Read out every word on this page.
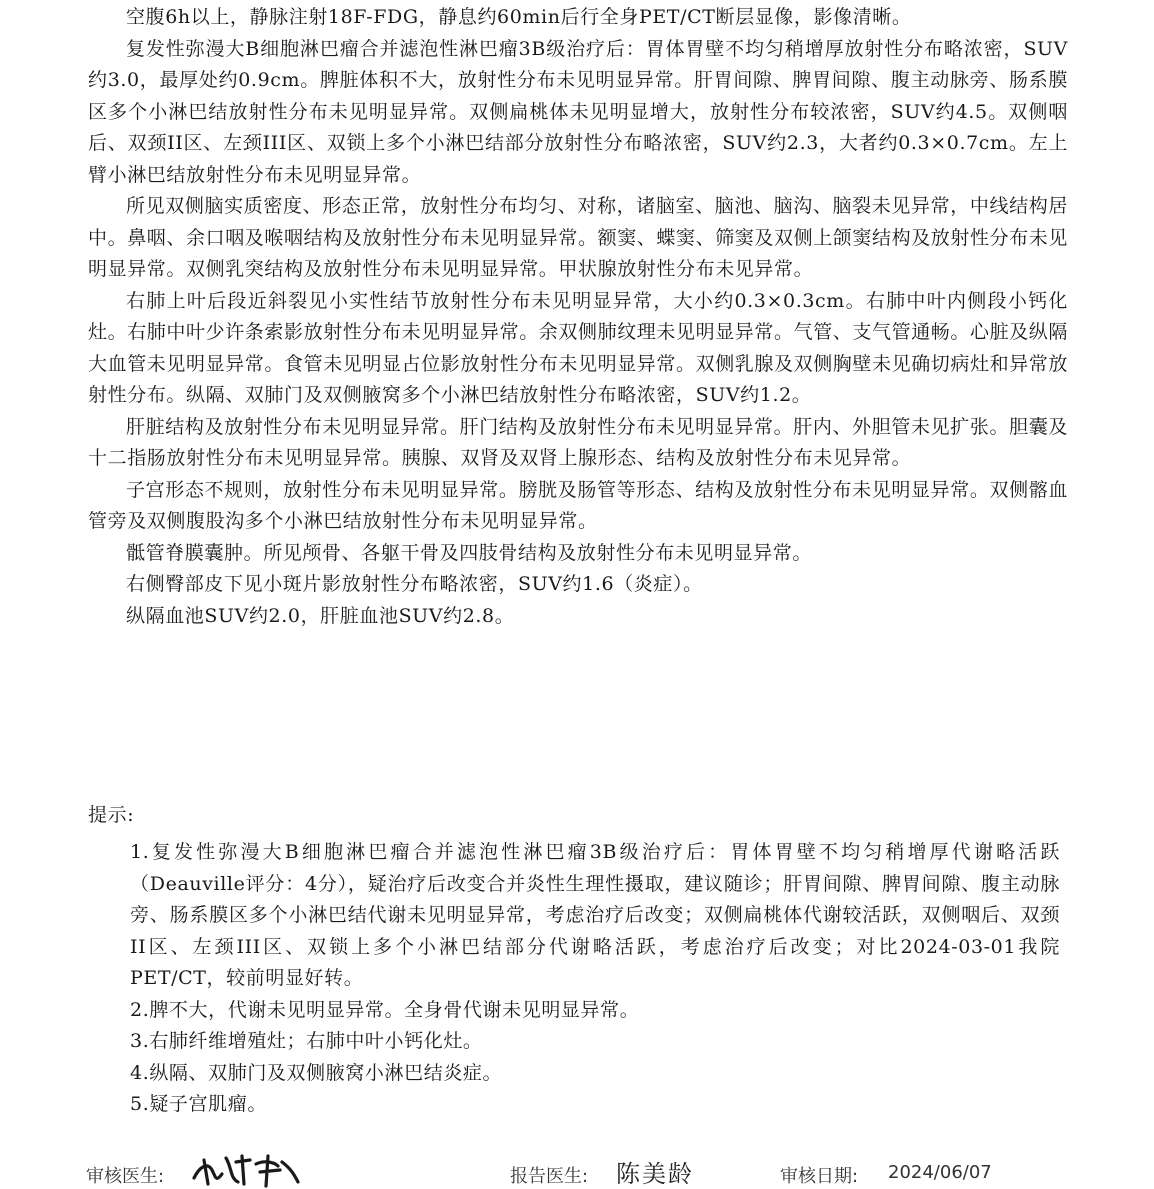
空腹6h以上，静脉注射18F-FDG，静息约60min后行全身PET/CT断层显像，影像清晰。

复发性弥漫大B细胞淋巴瘤合并滤泡性淋巴瘤3B级治疗后：胃体胃壁不均匀稍增厚放射性分布略浓密，SUV约3.0，最厚处约0.9cm。脾脏体积不大，放射性分布未见明显异常。肝胃间隙、脾胃间隙、腹主动脉旁、肠系膜区多个小淋巴结放射性分布未见明显异常。双侧扁桃体未见明显增大，放射性分布较浓密，SUV约4.5。双侧咽后、双颈II区、左颈III区、双锁上多个小淋巴结部分放射性分布略浓密，SUV约2.3，大者约0.3×0.7cm。左上臂小淋巴结放射性分布未见明显异常。

所见双侧脑实质密度、形态正常，放射性分布均匀、对称，诸脑室、脑池、脑沟、脑裂未见异常，中线结构居中。鼻咽、余口咽及喉咽结构及放射性分布未见明显异常。额窦、蝶窦、筛窦及双侧上颌窦结构及放射性分布未见明显异常。双侧乳突结构及放射性分布未见明显异常。甲状腺放射性分布未见异常。

右肺上叶后段近斜裂见小实性结节放射性分布未见明显异常，大小约0.3×0.3cm。右肺中叶内侧段小钙化灶。右肺中叶少许条索影放射性分布未见明显异常。余双侧肺纹理未见明显异常。气管、支气管通畅。心脏及纵隔大血管未见明显异常。食管未见明显占位影放射性分布未见明显异常。双侧乳腺及双侧胸壁未见确切病灶和异常放射性分布。纵隔、双肺门及双侧腋窝多个小淋巴结放射性分布略浓密，SUV约1.2。

肝脏结构及放射性分布未见明显异常。肝门结构及放射性分布未见明显异常。肝内、外胆管未见扩张。胆囊及十二指肠放射性分布未见明显异常。胰腺、双肾及双肾上腺形态、结构及放射性分布未见异常。

子宫形态不规则，放射性分布未见明显异常。膀胱及肠管等形态、结构及放射性分布未见明显异常。双侧髂血管旁及双侧腹股沟多个小淋巴结放射性分布未见明显异常。

骶管脊膜囊肿。所见颅骨、各躯干骨及四肢骨结构及放射性分布未见明显异常。

右侧臀部皮下见小斑片影放射性分布略浓密，SUV约1.6（炎症）。

纵隔血池SUV约2.0，肝脏血池SUV约2.8。

提示:

1.复发性弥漫大B细胞淋巴瘤合并滤泡性淋巴瘤3B级治疗后：胃体胃壁不均匀稍增厚代谢略活跃（Deauville评分：4分），疑治疗后改变合并炎性生理性摄取，建议随诊；肝胃间隙、脾胃间隙、腹主动脉旁、肠系膜区多个小淋巴结代谢未见明显异常，考虑治疗后改变；双侧扁桃体代谢较活跃，双侧咽后、双颈II区、左颈III区、双锁上多个小淋巴结部分代谢略活跃，考虑治疗后改变；对比2024-03-01我院PET/CT，较前明显好转。

2.脾不大，代谢未见明显异常。全身骨代谢未见明显异常。

3.右肺纤维增殖灶；右肺中叶小钙化灶。

4.纵隔、双肺门及双侧腋窝小淋巴结炎症。

5.疑子宫肌瘤。

审核医生:	报告医生: 陈美龄	审核日期: 2024/06/07
